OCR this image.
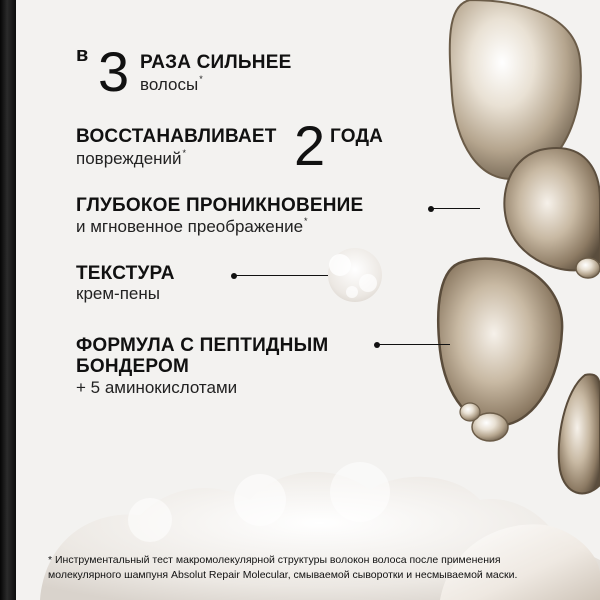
в 3 РАЗА СИЛЬНЕЕ
волосы*
ВОССТАНАВЛИВАЕТ 2 ГОДА
повреждений*
ГЛУБОКОЕ ПРОНИКНОВЕНИЕ
и мгновенное преображение*
ТЕКСТУРА
крем-пены
ФОРМУЛА С ПЕПТИДНЫМ
БОНДЕРОМ
+ 5 аминокислотами
* Инструментальный тест макромолекулярной структуры волокон волоса после применения
молекулярного шампуня Absolut Repair Molecular, смываемой сыворотки и несмываемой маски.
